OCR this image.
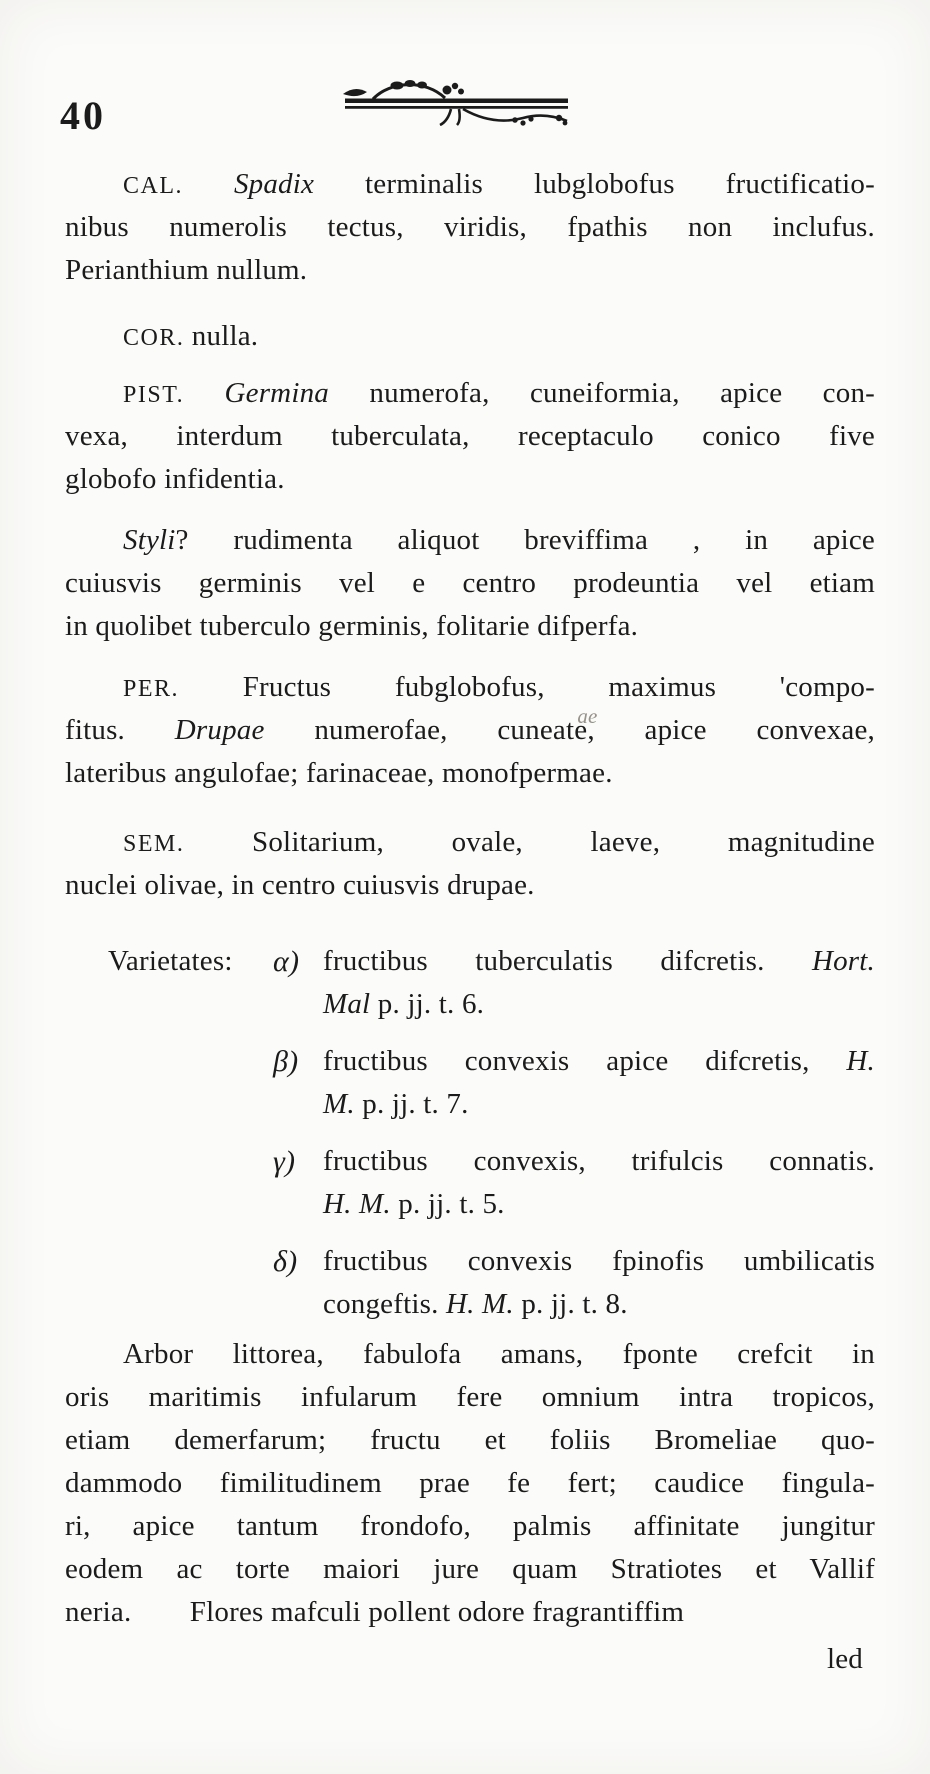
40
CAL. Spadix terminalis lubglobofus fructificatio-
nibus numerolis tectus, viridis, fpathis non inclufus.
Perianthium nullum.
COR. nulla.
PIST. Germina numerofa, cuneiformia, apice con-
vexa, interdum tuberculata, receptaculo conico five
globofo infidentia.
Styli? rudimenta aliquot breviffima , in apice
cuiusvis germinis vel e centro prodeuntia vel etiam
in quolibet tuberculo germinis, folitarie difperfa.
PER. Fructus fubglobofus, maximus 'compo-
fitus. Drupae numerofae, cuneateae, apice convexae,
lateribus angulofae; farinaceae, monofpermae.
SEM. Solitarium, ovale, laeve, magnitudine
nuclei olivae, in centro cuiusvis drupae.
Varietates: α) fructibus tuberculatis difcretis. Hort.
Mal p. jj. t. 6.
β) fructibus convexis apice difcretis, H.
M. p. jj. t. 7.
γ) fructibus convexis, trifulcis connatis.
H. M. p. jj. t. 5.
δ) fructibus convexis fpinofis umbilicatis
congeftis. H. M. p. jj. t. 8.
Arbor littorea, fabulofa amans, fponte crefcit in
oris maritimis infularum fere omnium intra tropicos,
etiam demerfarum; fructu et foliis Bromeliae quo-
dammodo fimilitudinem prae fe fert; caudice fingula-
ri, apice tantum frondofo, palmis affinitate jungitur
eodem ac torte maiori jure quam Stratiotes et Vallif
neria.  Flores mafculi pollent odore fragrantiffim
led
